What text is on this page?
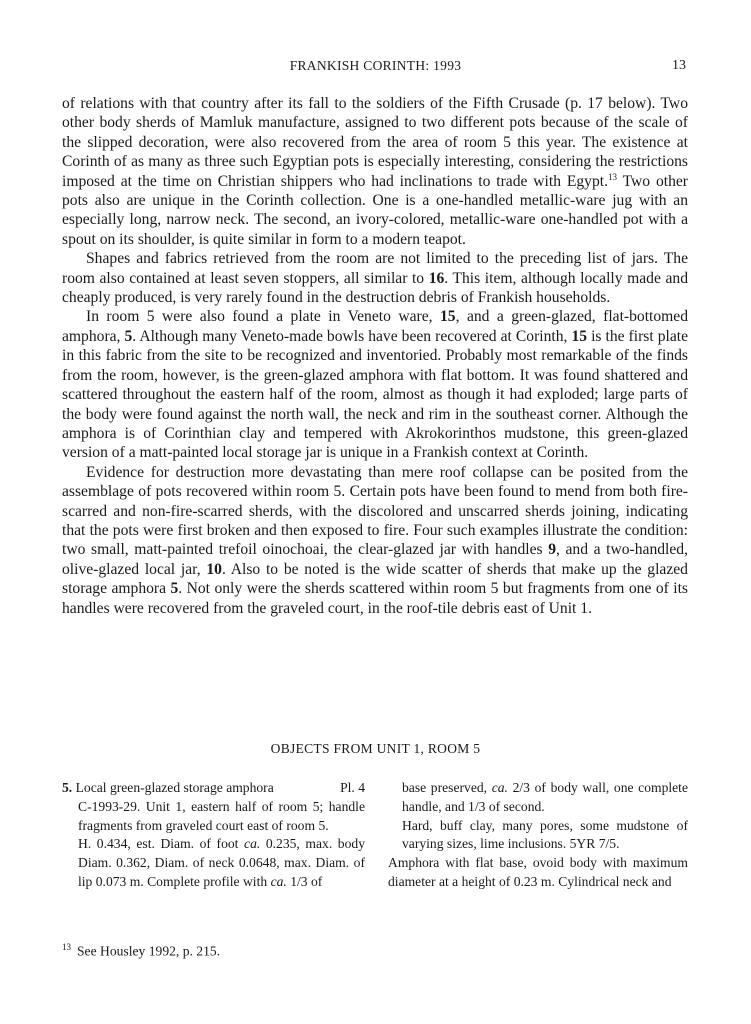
FRANKISH CORINTH: 1993	13

of relations with that country after its fall to the soldiers of the Fifth Crusade (p. 17 below). Two other body sherds of Mamluk manufacture, assigned to two different pots because of the scale of the slipped decoration, were also recovered from the area of room 5 this year. The existence at Corinth of as many as three such Egyptian pots is especially interesting, considering the restrictions imposed at the time on Christian shippers who had inclinations to trade with Egypt.$^{13}$ Two other pots also are unique in the Corinth collection. One is a one-handled metallic-ware jug with an especially long, narrow neck. The second, an ivory-colored, metallic-ware one-handled pot with a spout on its shoulder, is quite similar in form to a modern teapot.

Shapes and fabrics retrieved from the room are not limited to the preceding list of jars. The room also contained at least seven stoppers, all similar to 16. This item, although locally made and cheaply produced, is very rarely found in the destruction debris of Frankish households.

In room 5 were also found a plate in Veneto ware, 15, and a green-glazed, flat-bottomed amphora, 5. Although many Veneto-made bowls have been recovered at Corinth, 15 is the first plate in this fabric from the site to be recognized and inventoried. Probably most remarkable of the finds from the room, however, is the green-glazed amphora with flat bottom. It was found shattered and scattered throughout the eastern half of the room, almost as though it had exploded; large parts of the body were found against the north wall, the neck and rim in the southeast corner. Although the amphora is of Corinthian clay and tempered with Akrokorinthos mudstone, this green-glazed version of a matt-painted local storage jar is unique in a Frankish context at Corinth.

Evidence for destruction more devastating than mere roof collapse can be posited from the assemblage of pots recovered within room 5. Certain pots have been found to mend from both fire-scarred and non-fire-scarred sherds, with the discolored and unscarred sherds joining, indicating that the pots were first broken and then exposed to fire. Four such examples illustrate the condition: two small, matt-painted trefoil oinochoai, the clear-glazed jar with handles 9, and a two-handled, olive-glazed local jar, 10. Also to be noted is the wide scatter of sherds that make up the glazed storage amphora 5. Not only were the sherds scattered within room 5 but fragments from one of its handles were recovered from the graveled court, in the roof-tile debris east of Unit 1.

OBJECTS FROM UNIT 1, ROOM 5
5. Local green-glazed storage amphora	Pl. 4

C-1993-29. Unit 1, eastern half of room 5; handle fragments from graveled court east of room 5.

H. 0.434, est. Diam. of foot ca. 0.235, max. body Diam. 0.362, Diam. of neck 0.0648, max. Diam. of lip 0.073 m. Complete profile with ca. 1/3 of

base preserved, ca. 2/3 of body wall, one complete handle, and 1/3 of second.

Hard, buff clay, many pores, some mudstone of varying sizes, lime inclusions. 5YR 7/5.

Amphora with flat base, ovoid body with maximum diameter at a height of 0.23 m. Cylindrical neck and

$^{13}$ See Housley 1992, p. 215.
